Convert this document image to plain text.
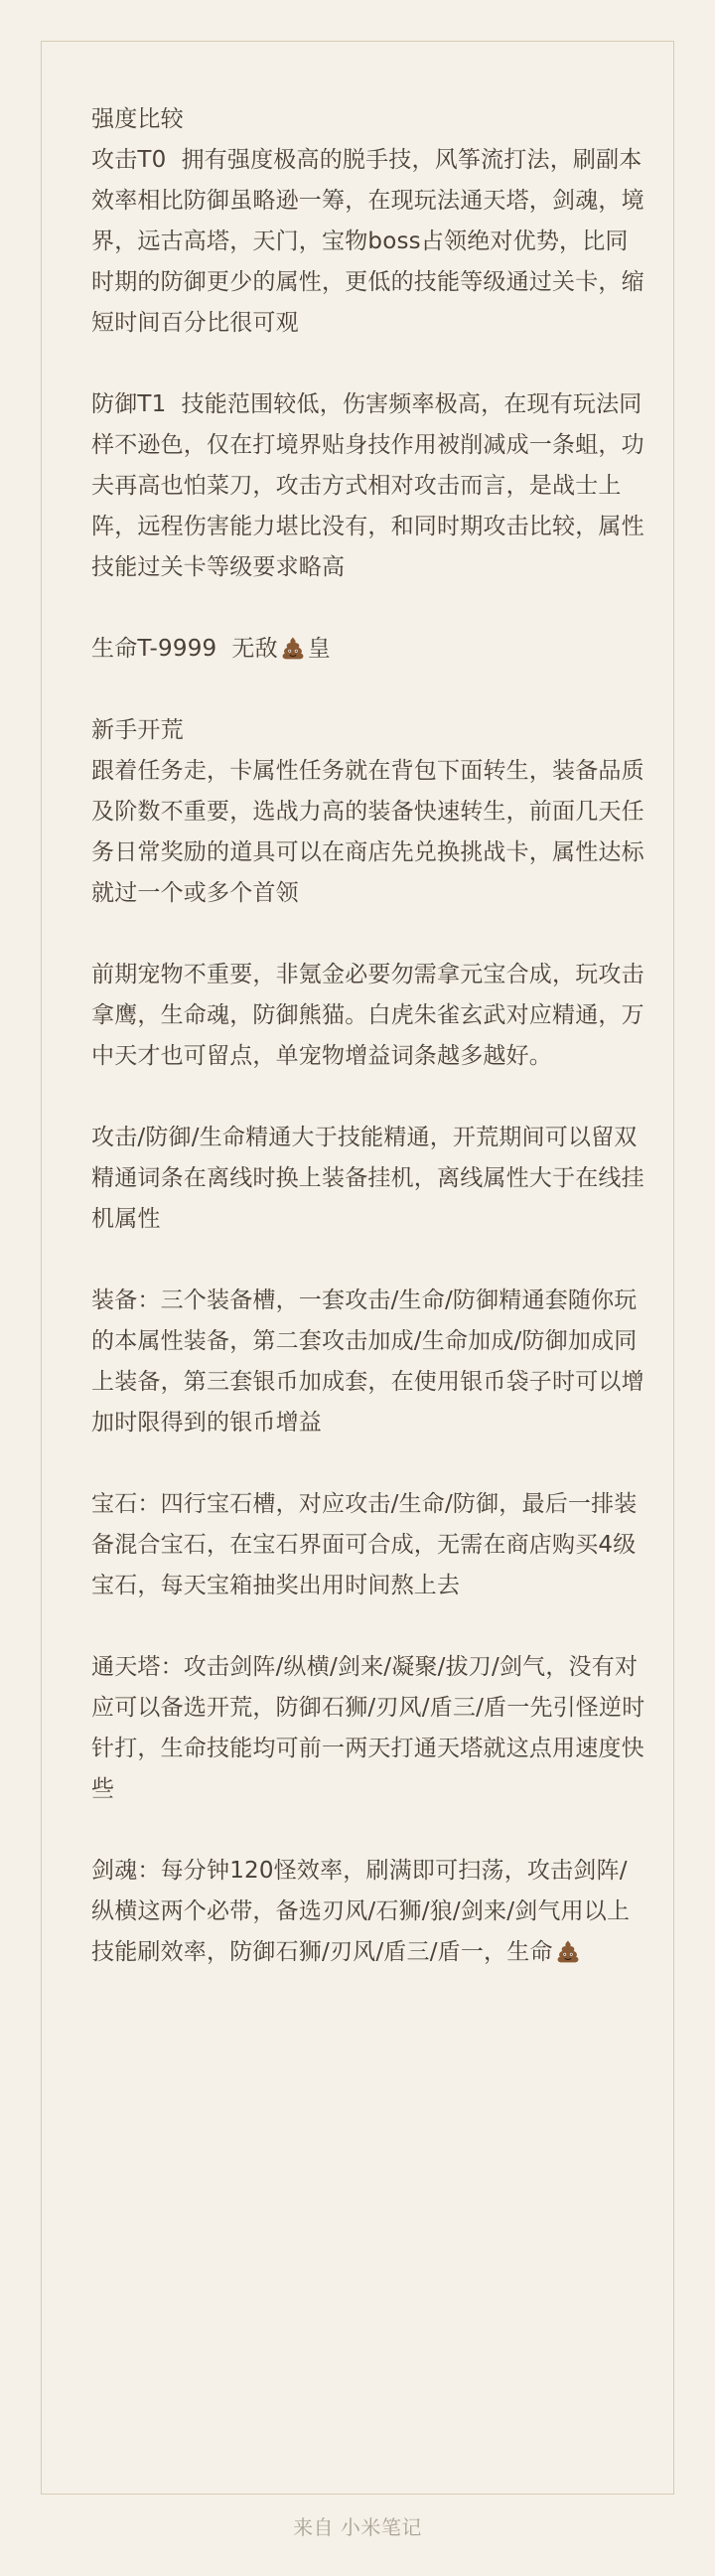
强度比较

攻击T0  拥有强度极高的脱手技，风筝流打法，刷副本效率相比防御虽略逊一筹，在现玩法通天塔，剑魂，境界，远古高塔，天门，宝物boss占领绝对优势，比同时期的防御更少的属性，更低的技能等级通过关卡，缩短时间百分比很可观

防御T1  技能范围较低，伤害频率极高，在现有玩法同样不逊色，仅在打境界贴身技作用被削减成一条蛆，功夫再高也怕菜刀，攻击方式相对攻击而言，是战士上阵，远程伤害能力堪比没有，和同时期攻击比较，属性技能过关卡等级要求略高

生命T-9999  无敌 皇

新手开荒

跟着任务走，卡属性任务就在背包下面转生，装备品质及阶数不重要，选战力高的装备快速转生，前面几天任务日常奖励的道具可以在商店先兑换挑战卡，属性达标就过一个或多个首领

前期宠物不重要，非氪金必要勿需拿元宝合成，玩攻击拿鹰，生命魂，防御熊猫。白虎朱雀玄武对应精通，万中天才也可留点，单宠物增益词条越多越好。

攻击/防御/生命精通大于技能精通，开荒期间可以留双精通词条在离线时换上装备挂机，离线属性大于在线挂机属性

装备：三个装备槽，一套攻击/生命/防御精通套随你玩的本属性装备，第二套攻击加成/生命加成/防御加成同上装备，第三套银币加成套，在使用银币袋子时可以增加时限得到的银币增益

宝石：四行宝石槽，对应攻击/生命/防御，最后一排装备混合宝石，在宝石界面可合成，无需在商店购买4级宝石，每天宝箱抽奖出用时间熬上去

通天塔：攻击剑阵/纵横/剑来/凝聚/拔刀/剑气，没有对应可以备选开荒，防御石狮/刃风/盾三/盾一先引怪逆时针打，生命技能均可前一两天打通天塔就这点用速度快些

剑魂：每分钟120怪效率，刷满即可扫荡，攻击剑阵/纵横这两个必带，备选刃风/石狮/狼/剑来/剑气用以上技能刷效率，防御石狮/刃风/盾三/盾一，生命

来自 小米笔记
